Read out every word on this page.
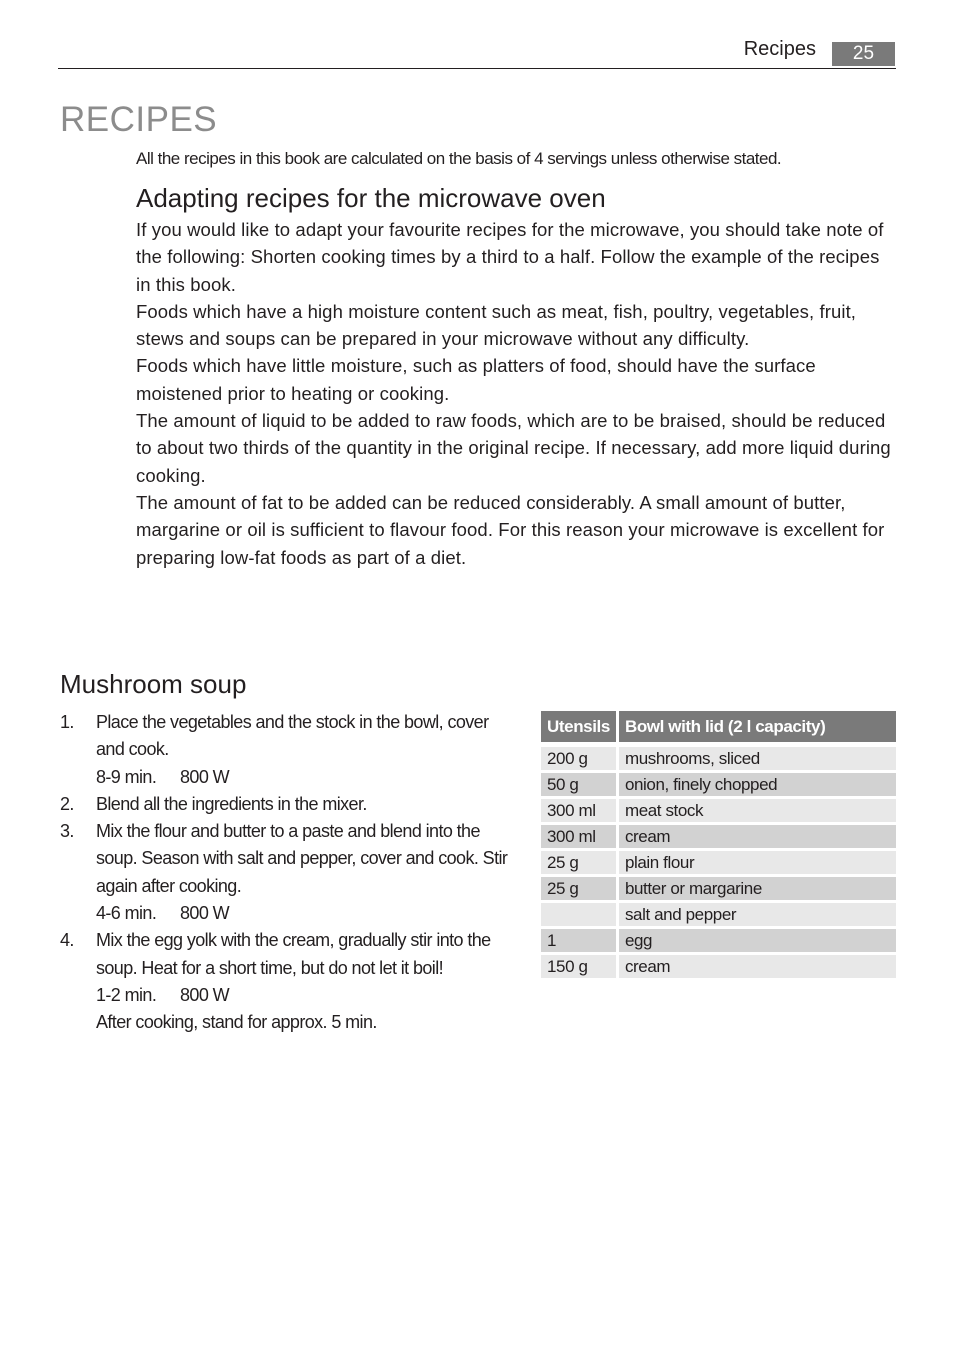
Recipes	25
RECIPES

All the recipes in this book are calculated on the basis of 4 servings unless otherwise stated.

Adapting recipes for the microwave oven

If you would like to adapt your favourite recipes for the microwave, you should take note of the following: Shorten cooking times by a third to a half. Follow the example of the recipes in this book.

Foods which have a high moisture content such as meat, fish, poultry, vegetables, fruit, stews and soups can be prepared in your microwave without any difficulty.

Foods which have little moisture, such as platters of food, should have the surface moistened prior to heating or cooking.

The amount of liquid to be added to raw foods, which are to be braised, should be reduced to about two thirds of the quantity in the original recipe. If necessary, add more liquid during cooking.

The amount of fat to be added can be reduced considerably. A small amount of butter, margarine or oil is sufficient to flavour food. For this reason your microwave is excellent for preparing low-fat foods as part of a diet.

Mushroom soup
1. Place the vegetables and the stock in the bowl, cover and cook.
8-9 min. 800 W
2. Blend all the ingredients in the mixer.
3. Mix the flour and butter to a paste and blend into the soup. Season with salt and pepper, cover and cook. Stir again after cooking.
4-6 min. 800 W
4. Mix the egg yolk with the cream, gradually stir into the soup. Heat for a short time, but do not let it boil!
1-2 min. 800 W
After cooking, stand for approx. 5 min.
Utensils	Bowl with lid (2 l capacity)
200 g	mushrooms, sliced
50 g	onion, finely chopped
300 ml	meat stock
300 ml	cream
25 g	plain flour
25 g	butter or margarine
	salt and pepper
1	egg
150 g	cream
